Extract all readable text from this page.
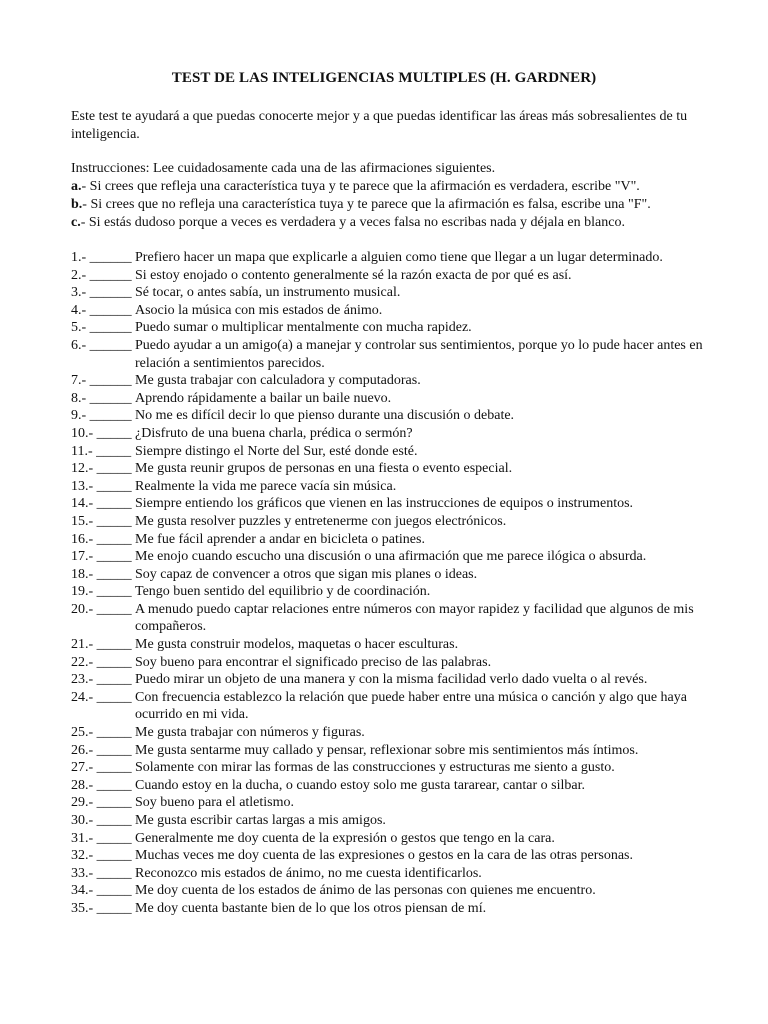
TEST DE LAS INTELIGENCIAS MULTIPLES (H. GARDNER)
Este test te ayudará a que puedas conocerte mejor y a que puedas identificar las áreas más sobresalientes de tu inteligencia.
Instrucciones: Lee cuidadosamente cada una de las afirmaciones siguientes.
a.- Si crees que refleja una característica tuya y te parece que la afirmación es verdadera, escribe "V".
b.- Si crees que no refleja una característica tuya y te parece que la afirmación es falsa, escribe una "F".
c.- Si estás dudoso porque a veces es verdadera y a veces falsa no escribas nada y déjala en blanco.
1.- ______ Prefiero hacer un mapa que explicarle a alguien como tiene que llegar a un lugar determinado.
2.- ______ Si estoy enojado o contento generalmente sé la razón exacta de por qué es así.
3.- ______ Sé tocar, o antes sabía, un instrumento musical.
4.- ______ Asocio la música con mis estados de ánimo.
5.- ______ Puedo sumar o multiplicar mentalmente con mucha rapidez.
6.- ______ Puedo ayudar a un amigo(a) a manejar y controlar sus sentimientos, porque yo lo pude hacer antes en relación a sentimientos parecidos.
7.- ______ Me gusta trabajar con calculadora y computadoras.
8.- ______ Aprendo rápidamente a bailar un baile nuevo.
9.- ______ No me es difícil decir lo que pienso durante una discusión o debate.
10.- _____ ¿Disfruto de una buena charla, prédica o sermón?
11.- _____ Siempre distingo el Norte del Sur, esté donde esté.
12.- _____ Me gusta reunir grupos de personas en una fiesta o evento especial.
13.- _____ Realmente la vida me parece vacía sin música.
14.- _____ Siempre entiendo los gráficos que vienen en las instrucciones de equipos o instrumentos.
15.- _____ Me gusta resolver puzzles y entretenerme con juegos electrónicos.
16.- _____ Me fue fácil aprender a andar en bicicleta o patines.
17.- _____ Me enojo cuando escucho una discusión o una afirmación que me parece ilógica o absurda.
18.- _____ Soy capaz de convencer a otros que sigan mis planes o ideas.
19.- _____ Tengo buen sentido del equilibrio y de coordinación.
20.- _____ A menudo puedo captar relaciones entre números con mayor rapidez y facilidad que algunos de mis compañeros.
21.- _____ Me gusta construir modelos, maquetas o hacer esculturas.
22.- _____ Soy bueno para encontrar el significado preciso de las palabras.
23.- _____ Puedo mirar un objeto de una manera y con la misma facilidad verlo dado vuelta o al revés.
24.- _____ Con frecuencia establezco la relación que puede haber entre una música o canción y algo que haya ocurrido en mi vida.
25.- _____ Me gusta trabajar con números y figuras.
26.- _____ Me gusta sentarme muy callado y pensar, reflexionar sobre mis sentimientos más íntimos.
27.- _____ Solamente con mirar las formas de las construcciones y estructuras me siento a gusto.
28.- _____ Cuando estoy en la ducha, o cuando estoy solo me gusta tararear, cantar o silbar.
29.- _____ Soy bueno para el atletismo.
30.- _____ Me gusta escribir cartas largas a mis amigos.
31.- _____ Generalmente me doy cuenta de la expresión o gestos que tengo en la cara.
32.- _____ Muchas veces me doy cuenta de las expresiones o gestos en la cara de las otras personas.
33.- _____ Reconozco mis estados de ánimo, no me cuesta identificarlos.
34.- _____ Me doy cuenta de los estados de ánimo de las personas con quienes me encuentro.
35.- _____ Me doy cuenta bastante bien de lo que los otros piensan de mí.
